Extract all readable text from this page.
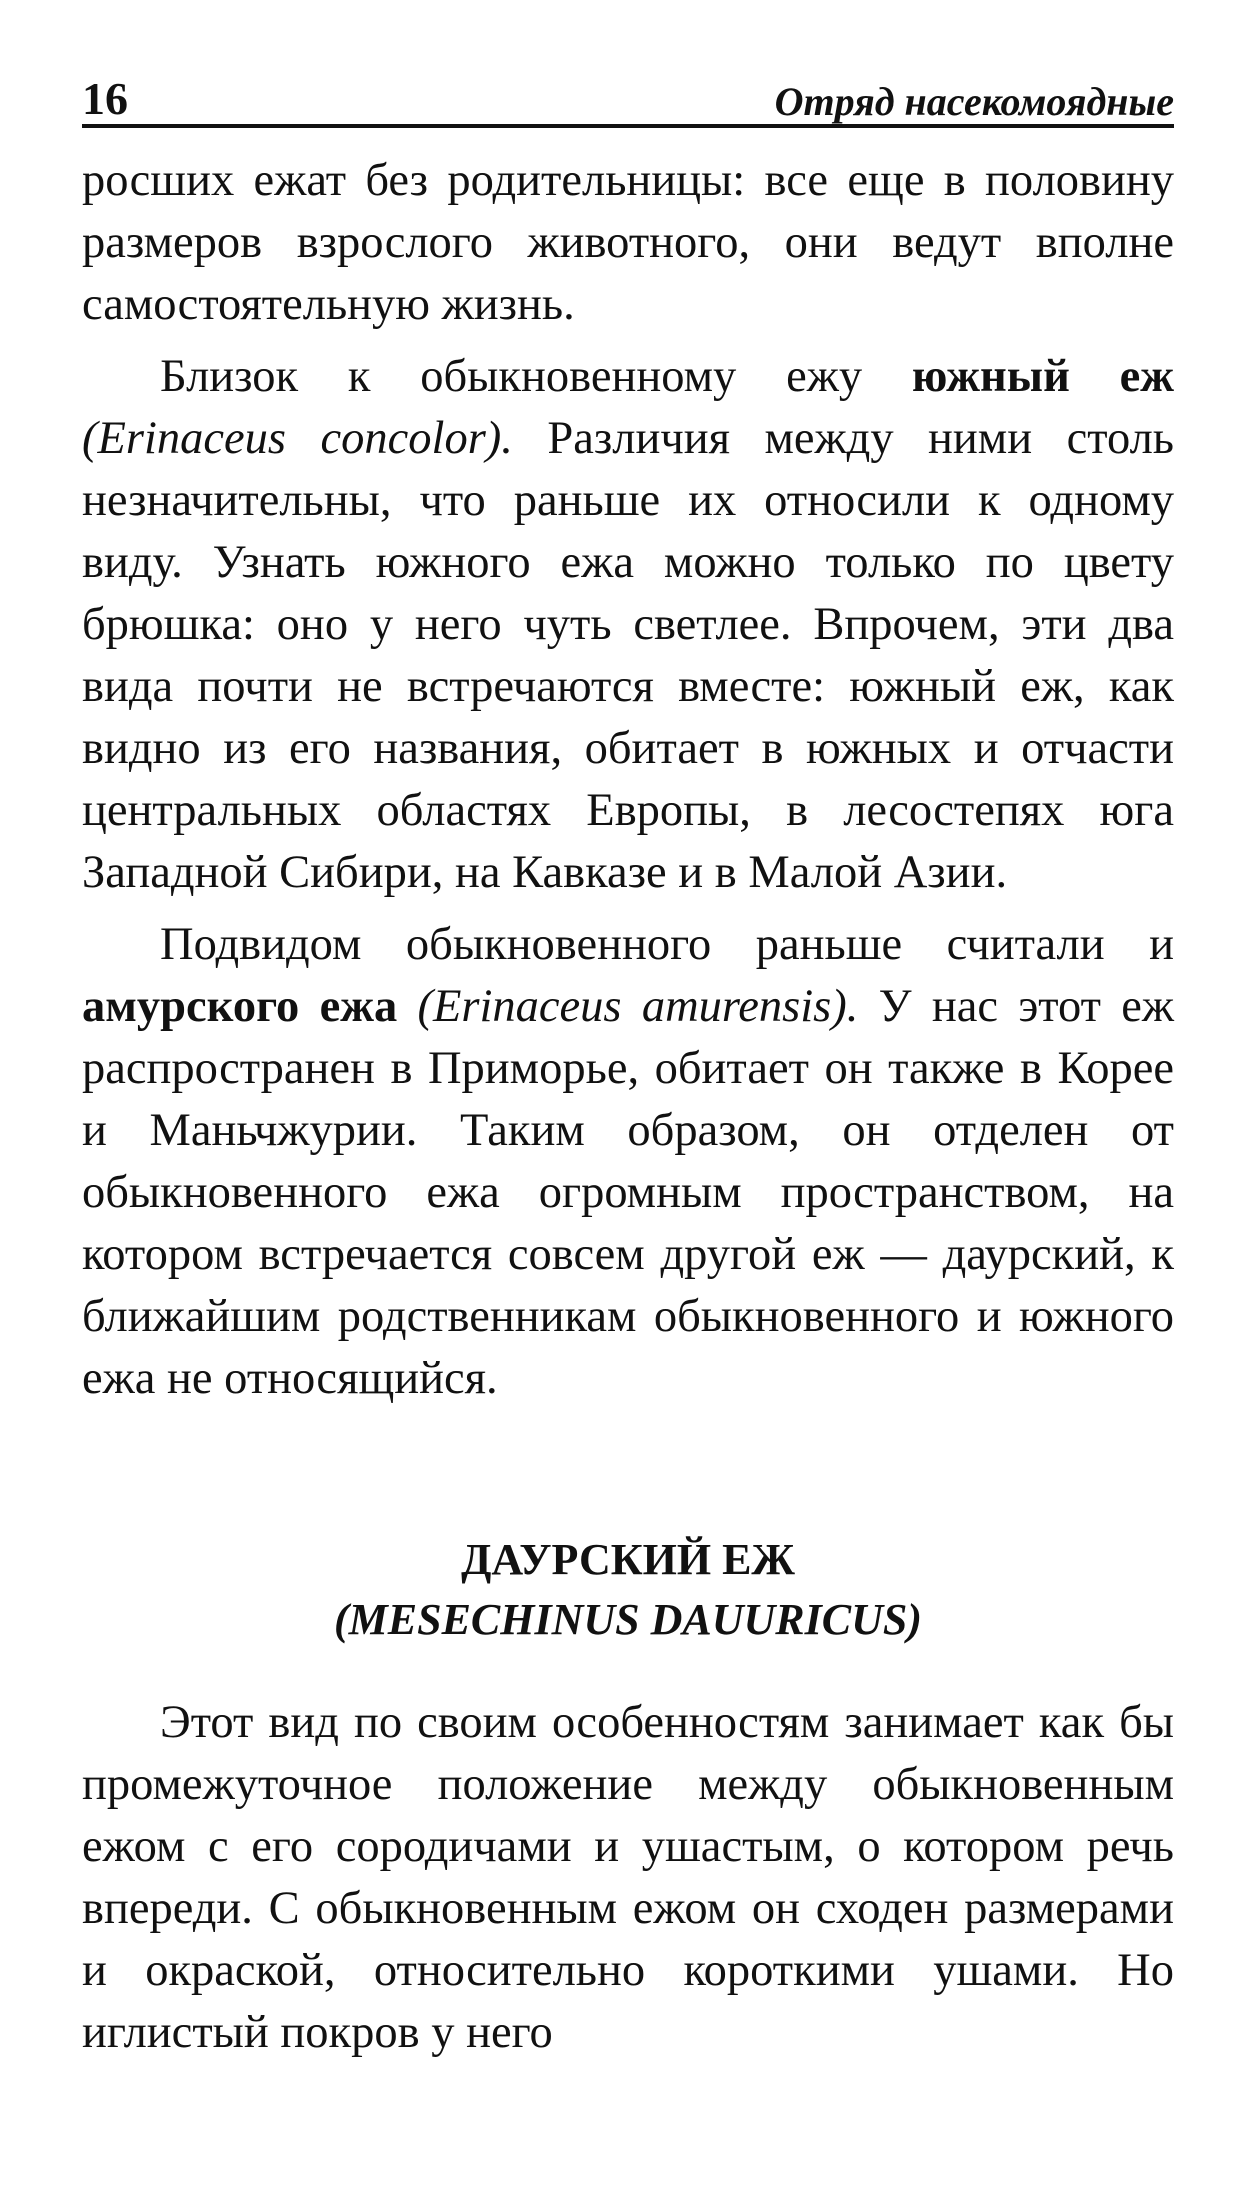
16	Отряд насекомоядные

росших ежат без родительницы: все еще в половину размеров взрослого животного, они ведут вполне самостоятельную жизнь.

Близок к обыкновенному ежу южный еж (Erinaceus concolor). Различия между ними столь незначительны, что раньше их относили к одному виду. Узнать южного ежа можно только по цвету брюшка: оно у него чуть светлее. Впрочем, эти два вида почти не встречаются вместе: южный еж, как видно из его названия, обитает в южных и отчасти центральных областях Европы, в лесостепях юга Западной Сибири, на Кавказе и в Малой Азии.

Подвидом обыкновенного раньше считали и амурского ежа (Erinaceus amurensis). У нас этот еж распространен в Приморье, обитает он также в Корее и Маньчжурии. Таким образом, он отделен от обыкновенного ежа огромным пространством, на котором встречается совсем другой еж — даурский, к ближайшим родственникам обыкновенного и южного ежа не относящийся.

ДАУРСКИЙ ЕЖ
(MESECHINUS DAUURICUS)

Этот вид по своим особенностям занимает как бы промежуточное положение между обыкновенным ежом с его сородичами и ушастым, о котором речь впереди. С обыкновенным ежом он сходен размерами и окраской, относительно короткими ушами. Но иглистый покров у него
